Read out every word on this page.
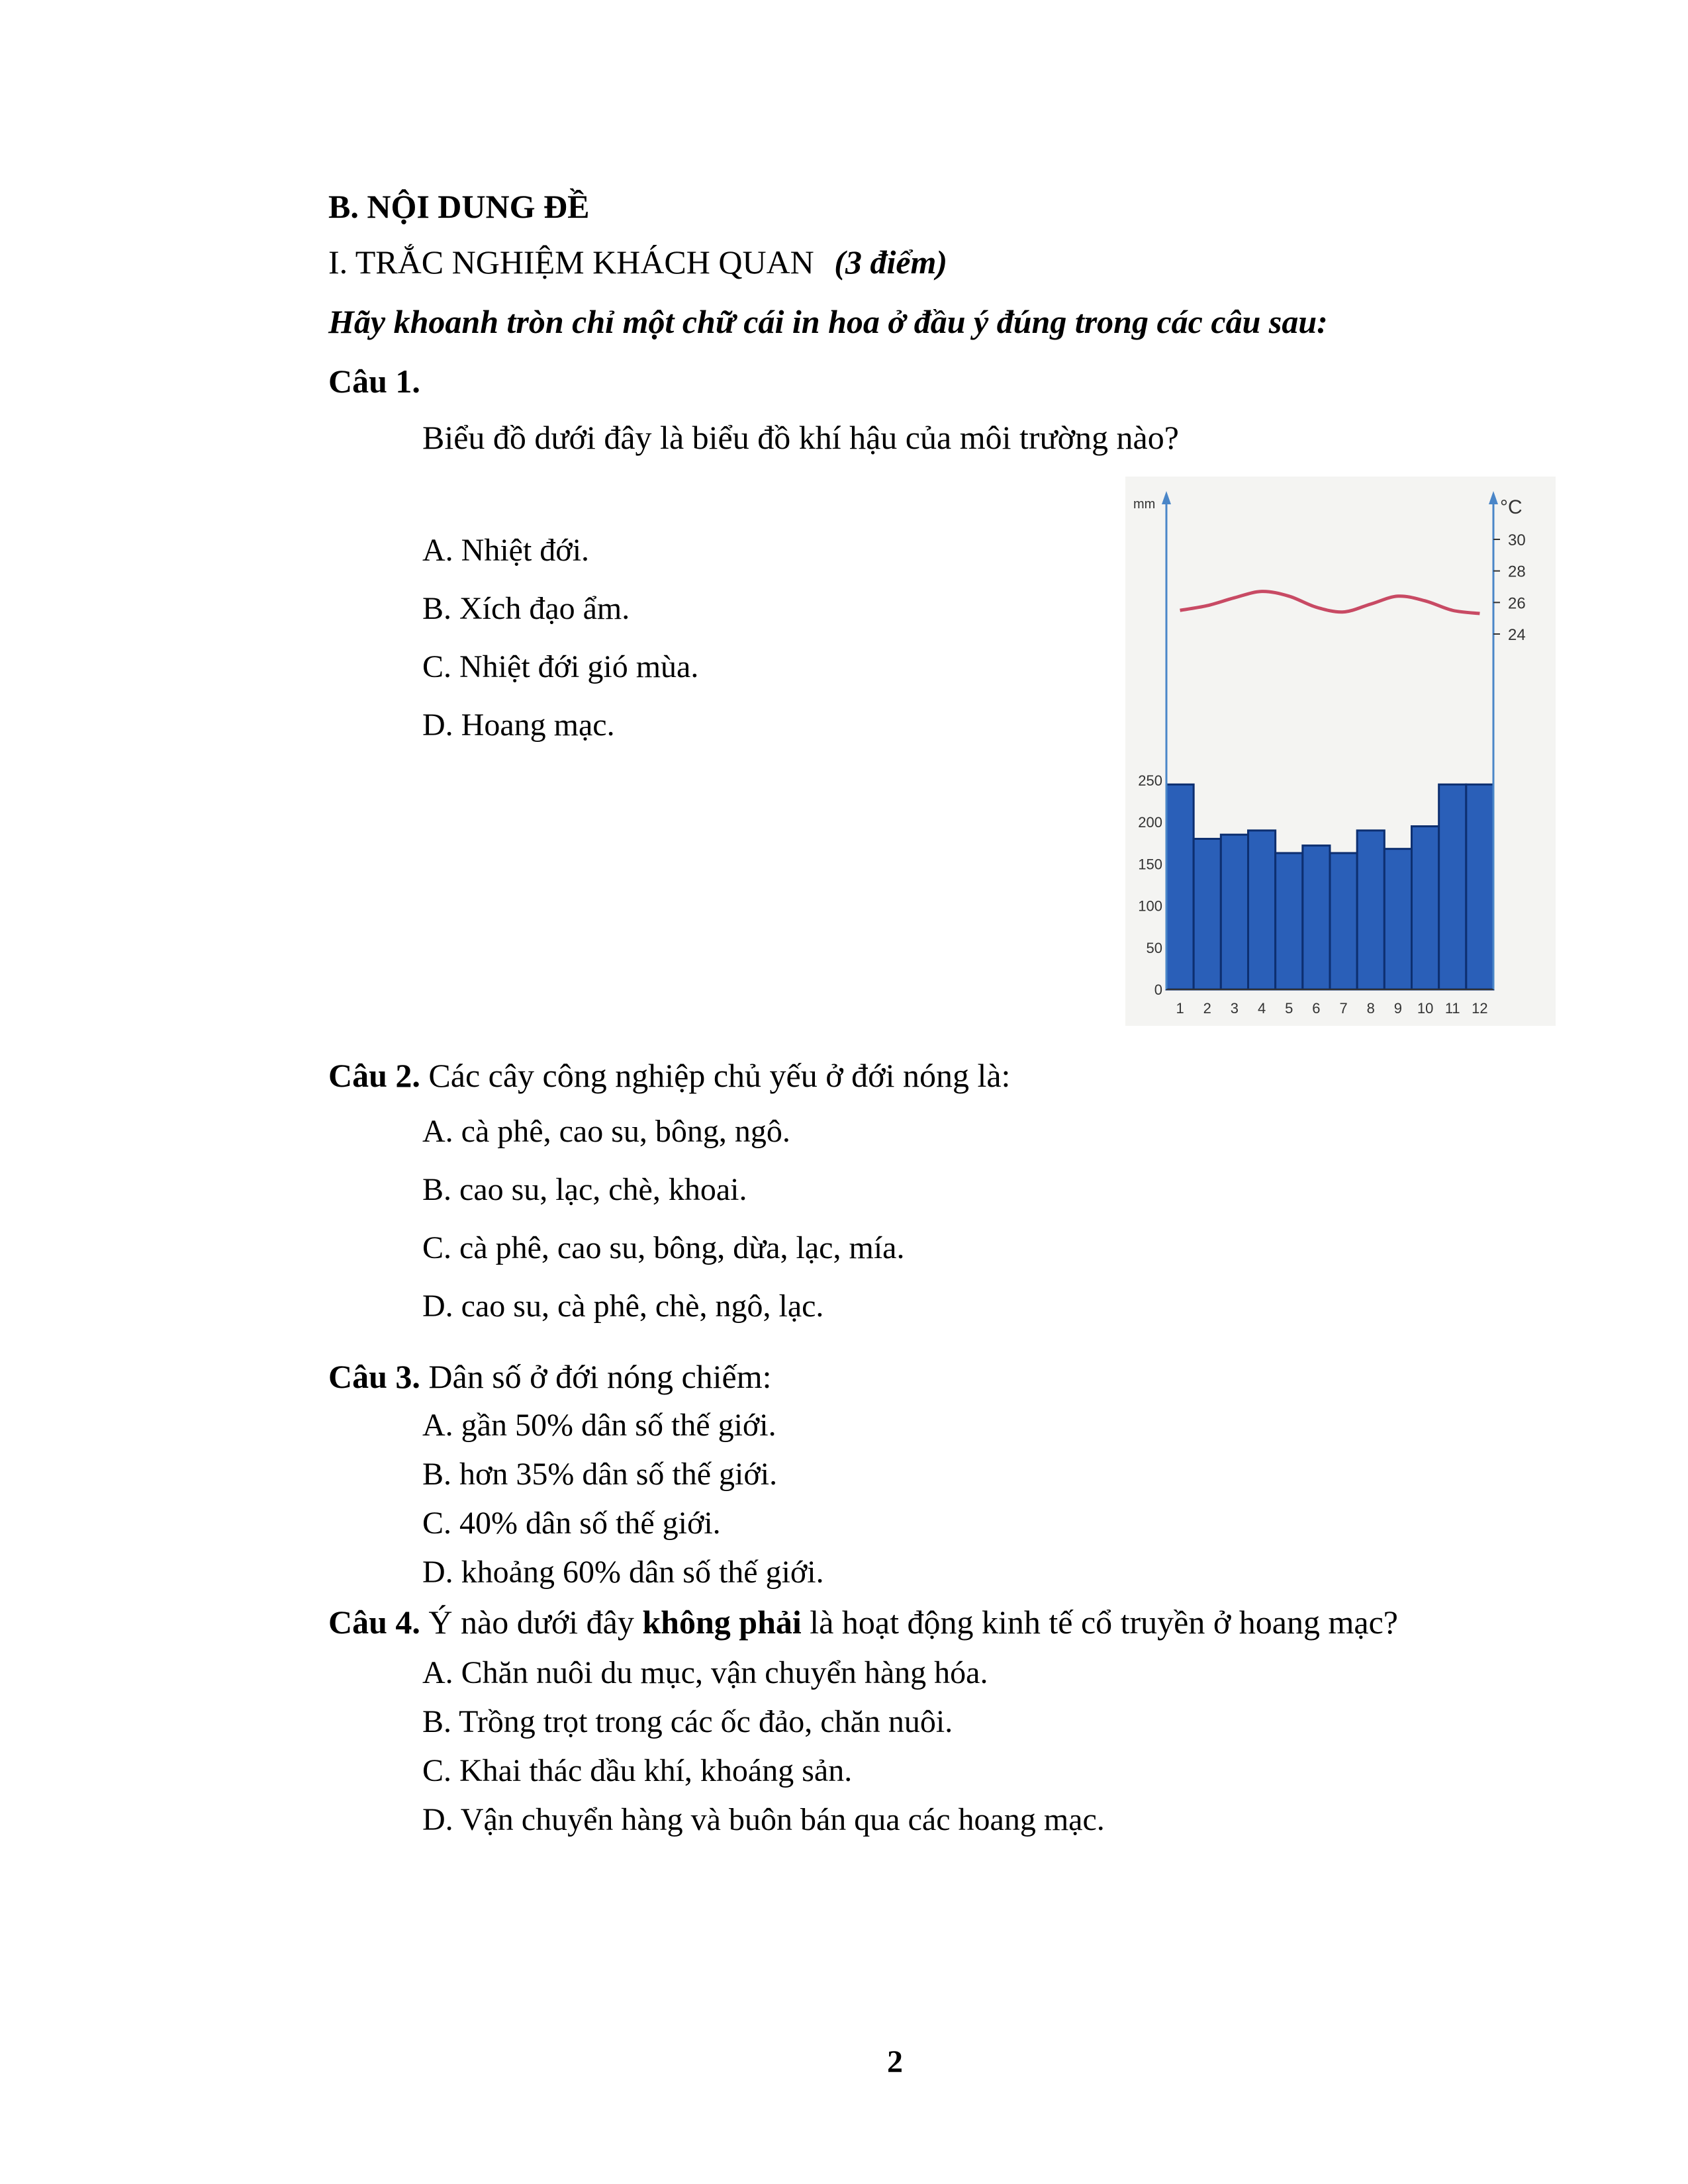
B. NỘI DUNG ĐỀ
I. TRẮC NGHIỆM KHÁCH QUAN (3 điểm)
Hãy khoanh tròn chỉ một chữ cái in hoa ở đầu ý đúng trong các câu sau:
Câu 1.
Biểu đồ dưới đây là biểu đồ khí hậu của môi trường nào?
A. Nhiệt đới.
B. Xích đạo ẩm.
C. Nhiệt đới gió mùa.
D. Hoang mạc.
mm	°C
0
50
100
150
200
250
30
28
26
24
1 2 3 4 5 6 7 8 9 10 11 12
Câu 2. Các cây công nghiệp chủ yếu ở đới nóng là:
A. cà phê, cao su, bông, ngô.
B. cao su, lạc, chè, khoai.
C. cà phê, cao su, bông, dừa, lạc, mía.
D. cao su, cà phê, chè, ngô, lạc.
Câu 3. Dân số ở đới nóng chiếm:
A. gần 50% dân số thế giới.
B. hơn 35% dân số thế giới.
C. 40% dân số thế giới.
D. khoảng 60% dân số thế giới.
Câu 4. Ý nào dưới đây không phải là hoạt động kinh tế cổ truyền ở hoang mạc?
A. Chăn nuôi du mục, vận chuyển hàng hóa.
B. Trồng trọt trong các ốc đảo, chăn nuôi.
C. Khai thác dầu khí, khoáng sản.
D. Vận chuyển hàng và buôn bán qua các hoang mạc.
2
